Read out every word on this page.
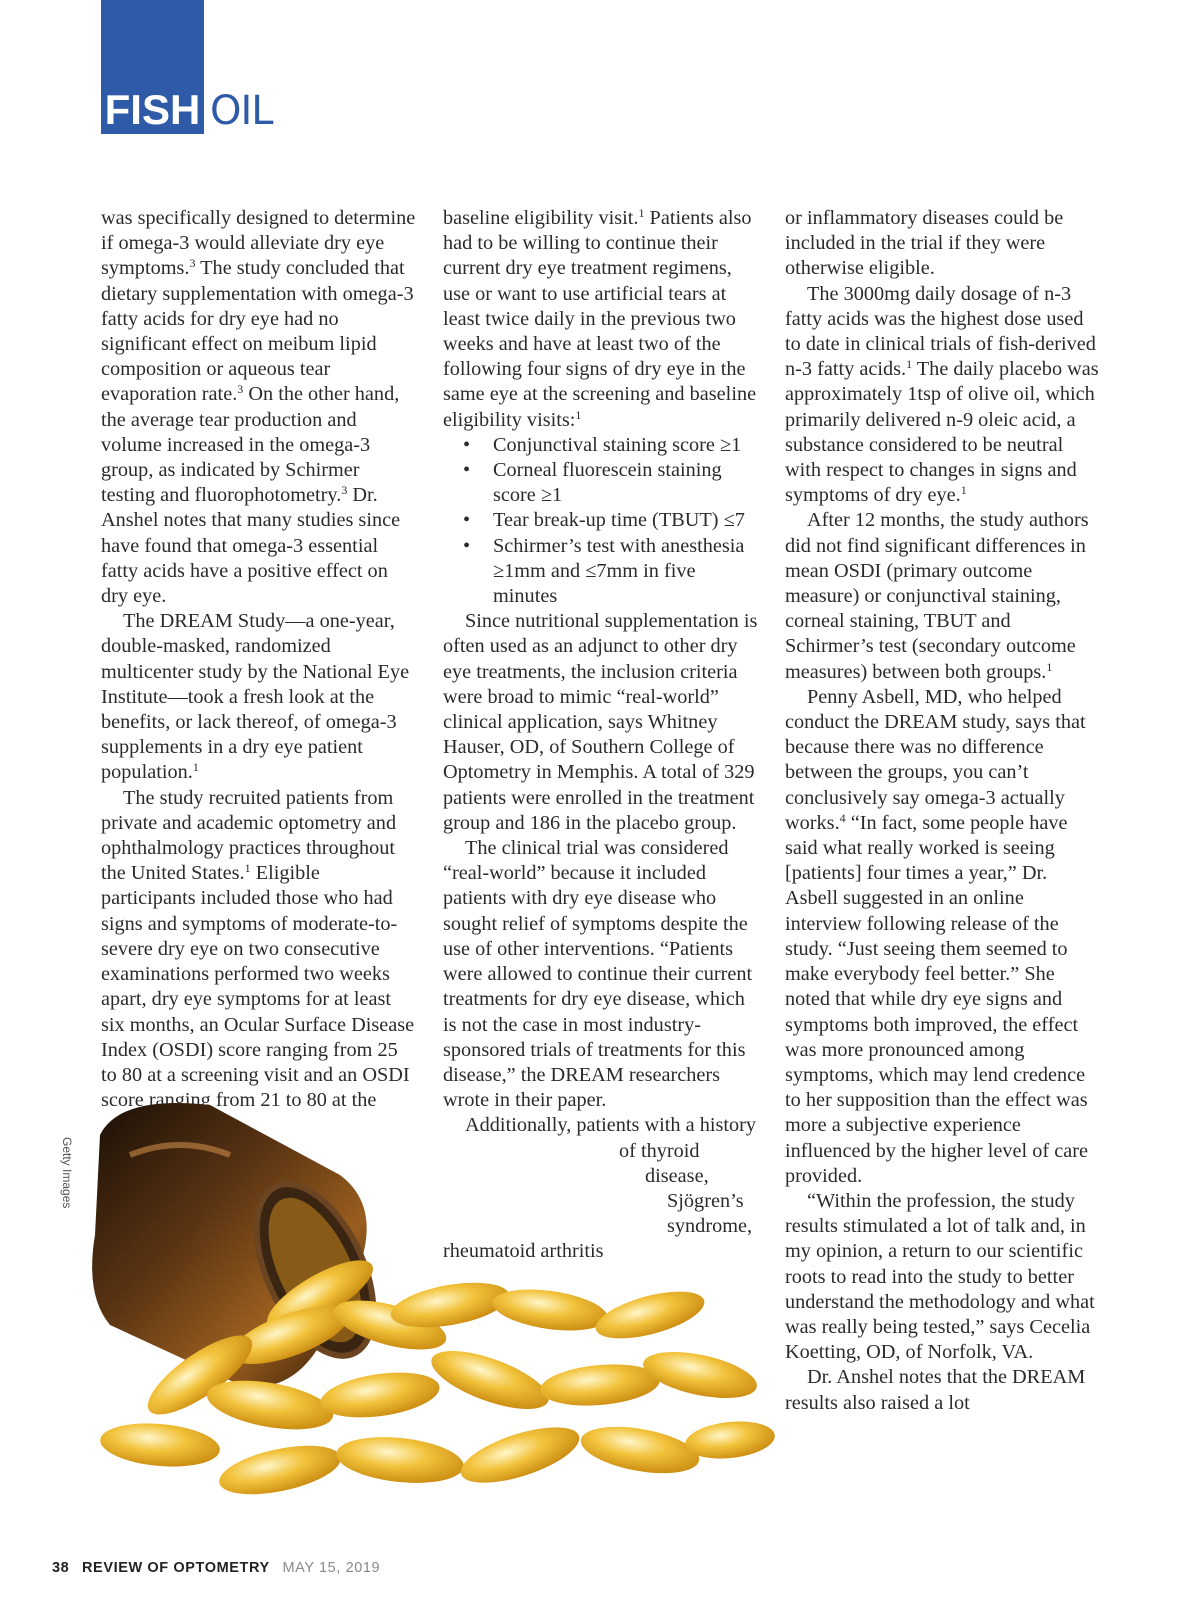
FISH OIL

was specifically designed to determine if omega-3 would alleviate dry eye symptoms.$^3$ The study concluded that dietary supplementation with omega-3 fatty acids for dry eye had no significant effect on meibum lipid composition or aqueous tear evaporation rate.$^3$ On the other hand, the average tear production and volume increased in the omega-3 group, as indicated by Schirmer testing and fluorophotometry.$^3$ Dr. Anshel notes that many studies since have found that omega-3 essential fatty acids have a positive effect on dry eye.

The DREAM Study—a one-year, double-masked, randomized multicenter study by the National Eye Institute—took a fresh look at the benefits, or lack thereof, of omega-3 supplements in a dry eye patient population.$^1$

The study recruited patients from private and academic optometry and ophthalmology practices throughout the United States.$^1$ Eligible participants included those who had signs and symptoms of moderate-to-severe dry eye on two consecutive examinations performed two weeks apart, dry eye symptoms for at least six months, an Ocular Surface Disease Index (OSDI) score ranging from 25 to 80 at a screening visit and an OSDI score ranging from 21 to 80 at the

baseline eligibility visit.$^1$ Patients also had to be willing to continue their current dry eye treatment regimens, use or want to use artificial tears at least twice daily in the previous two weeks and have at least two of the following four signs of dry eye in the same eye at the screening and baseline eligibility visits:$^1$

• Conjunctival staining score ≥1
• Corneal fluorescein staining score ≥1
• Tear break-up time (TBUT) ≤7
• Schirmer’s test with anesthesia ≥1mm and ≤7mm in five minutes

Since nutritional supplementation is often used as an adjunct to other dry eye treatments, the inclusion criteria were broad to mimic “real-world” clinical application, says Whitney Hauser, OD, of Southern College of Optometry in Memphis. A total of 329 patients were enrolled in the treatment group and 186 in the placebo group.

The clinical trial was considered “real-world” because it included patients with dry eye disease who sought relief of symptoms despite the use of other interventions. “Patients were allowed to continue their current treatments for dry eye disease, which is not the case in most industry-sponsored trials of treatments for this disease,” the DREAM researchers wrote in their paper.

Additionally, patients with a history of thyroid disease, Sjögren’s syndrome, rheumatoid arthritis

or inflammatory diseases could be included in the trial if they were otherwise eligible.

The 3000mg daily dosage of n-3 fatty acids was the highest dose used to date in clinical trials of fish-derived n-3 fatty acids.$^1$ The daily placebo was approximately 1tsp of olive oil, which primarily delivered n-9 oleic acid, a substance considered to be neutral with respect to changes in signs and symptoms of dry eye.$^1$

After 12 months, the study authors did not find significant differences in mean OSDI (primary outcome measure) or conjunctival staining, corneal staining, TBUT and Schirmer’s test (secondary outcome measures) between both groups.$^1$

Penny Asbell, MD, who helped conduct the DREAM study, says that because there was no difference between the groups, you can’t conclusively say omega-3 actually works.$^4$ “In fact, some people have said what really worked is seeing [patients] four times a year,” Dr. Asbell suggested in an online interview following release of the study. “Just seeing them seemed to make everybody feel better.” She noted that while dry eye signs and symptoms both improved, the effect was more pronounced among symptoms, which may lend credence to her supposition than the effect was more a subjective experience influenced by the higher level of care provided.

“Within the profession, the study results stimulated a lot of talk and, in my opinion, a return to our scientific roots to read into the study to better understand the methodology and what was really being tested,” says Cecelia Koetting, OD, of Norfolk, VA.

Dr. Anshel notes that the DREAM results also raised a lot

Getty Images
38 REVIEW OF OPTOMETRY MAY 15, 2019
